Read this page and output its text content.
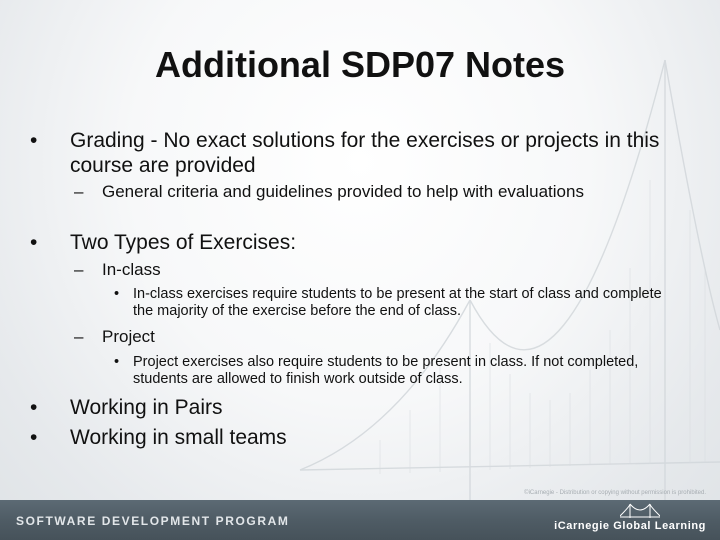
Additional SDP07 Notes
• Grading - No exact solutions for the exercises or projects in this course are provided
– General criteria and guidelines provided to help with evaluations
• Two Types of Exercises:
– In-class
• In-class exercises require students to be present at the start of class and complete the majority of the exercise before the end of class.
– Project
• Project exercises also require students to be present in class. If not completed, students are allowed to finish work outside of class.
• Working in Pairs
• Working in small teams
©iCarnegie - Distribution or copying without permission is prohibited.
SOFTWARE DEVELOPMENT PROGRAM	iCarnegie Global Learning
